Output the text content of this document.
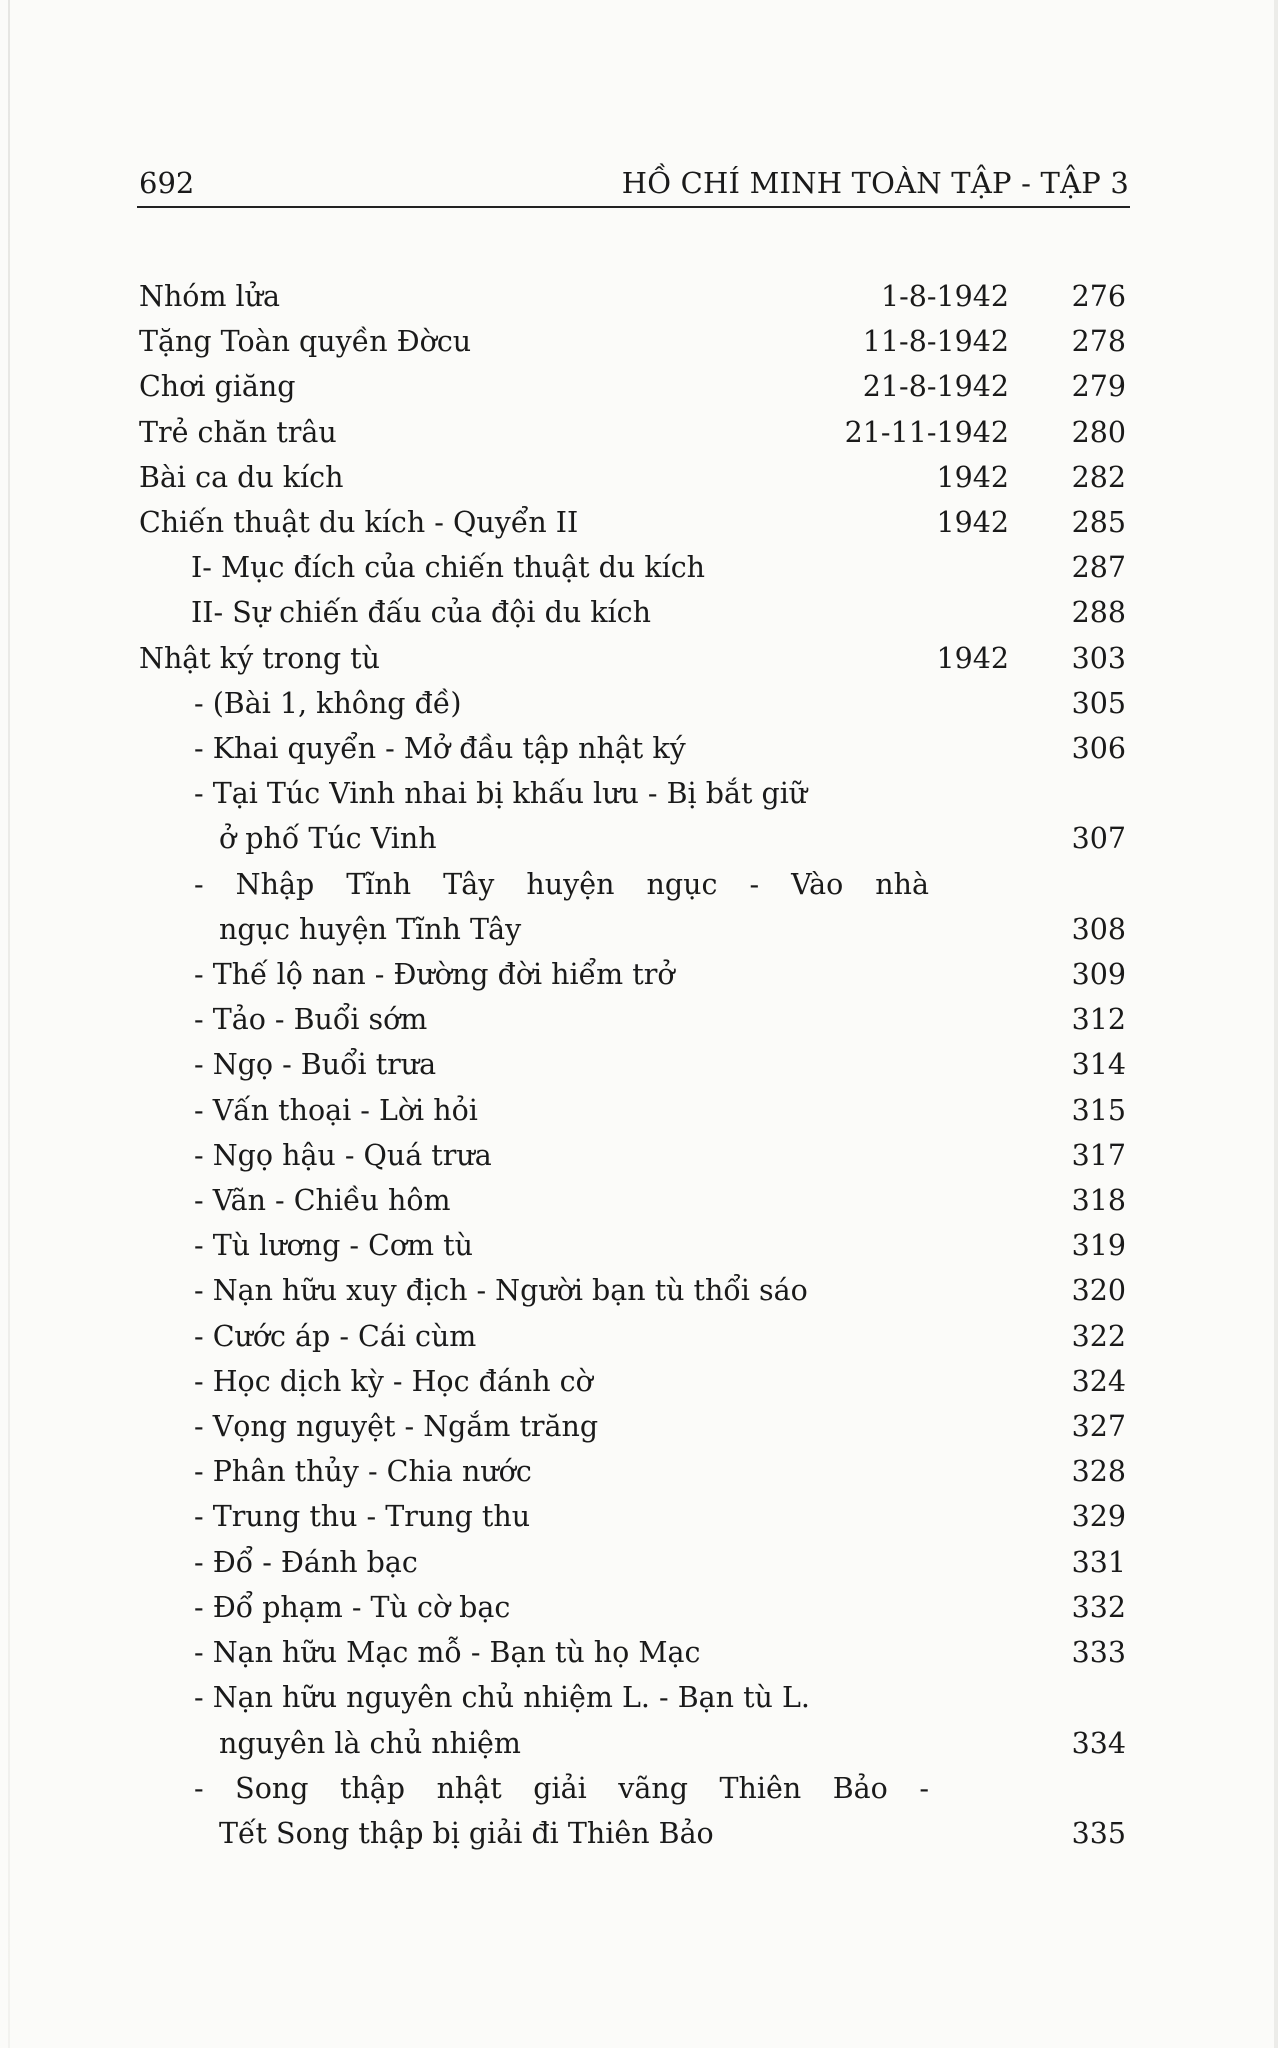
692	HỒ CHÍ MINH TOÀN TẬP - TẬP 3
Nhóm lửa	1-8-1942 276
Tặng Toàn quyền Đờcu	11-8-1942 278
Chơi giăng	21-8-1942 279
Trẻ chăn trâu	21-11-1942 280
Bài ca du kích	1942 282
Chiến thuật du kích - Quyển II	1942 285
I- Mục đích của chiến thuật du kích	287
II- Sự chiến đấu của đội du kích	288
Nhật ký trong tù	1942 303
- (Bài 1, không đề)	305
- Khai quyển - Mở đầu tập nhật ký	306
- Tại Túc Vinh nhai bị khấu lưu - Bị bắt giữ
ở phố Túc Vinh	307
- Nhập Tĩnh Tây huyện ngục - Vào nhà
ngục huyện Tĩnh Tây	308
- Thế lộ nan - Đường đời hiểm trở	309
- Tảo - Buổi sớm	312
- Ngọ - Buổi trưa	314
- Vấn thoại - Lời hỏi	315
- Ngọ hậu - Quá trưa	317
- Vãn - Chiều hôm	318
- Tù lương - Cơm tù	319
- Nạn hữu xuy địch - Người bạn tù thổi sáo	320
- Cước áp - Cái cùm	322
- Học dịch kỳ - Học đánh cờ	324
- Vọng nguyệt - Ngắm trăng	327
- Phân thủy - Chia nước	328
- Trung thu - Trung thu	329
- Đổ - Đánh bạc	331
- Đổ phạm - Tù cờ bạc	332
- Nạn hữu Mạc mỗ - Bạn tù họ Mạc	333
- Nạn hữu nguyên chủ nhiệm L. - Bạn tù L.
nguyên là chủ nhiệm	334
- Song thập nhật giải vãng Thiên Bảo -
Tết Song thập bị giải đi Thiên Bảo	335
